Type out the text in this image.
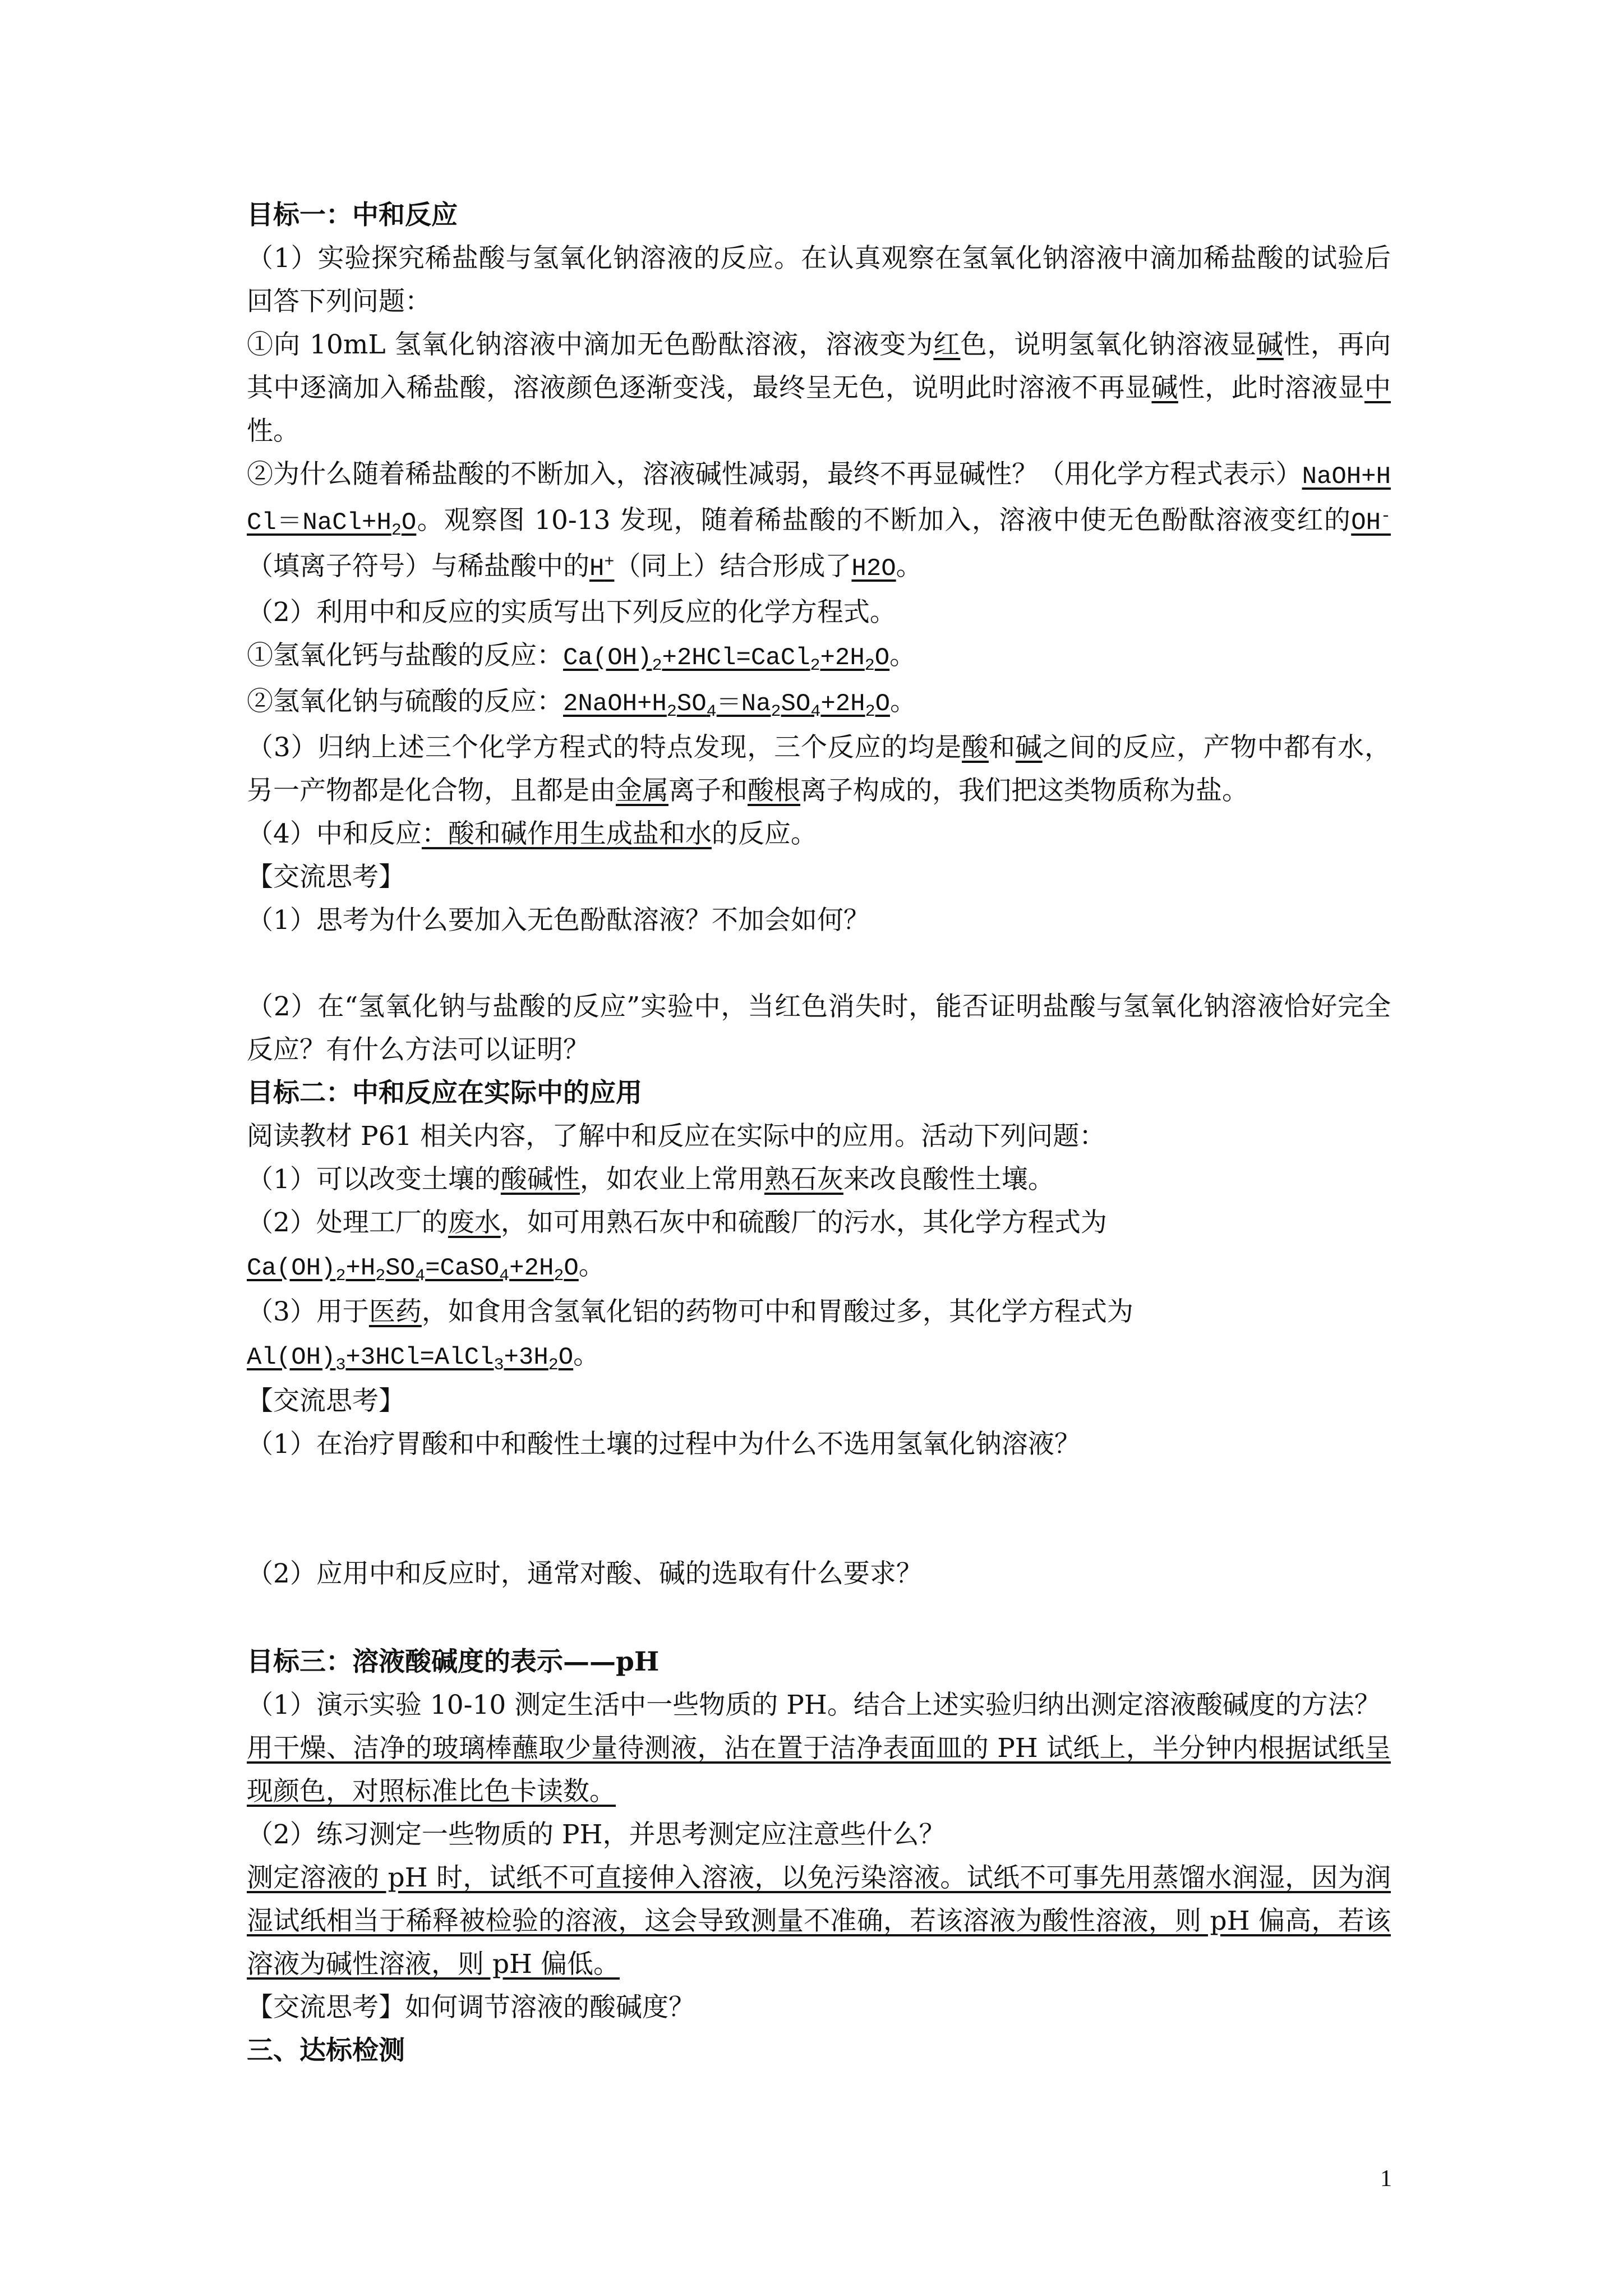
目标一：中和反应
（1）实验探究稀盐酸与氢氧化钠溶液的反应。在认真观察在氢氧化钠溶液中滴加稀盐酸的试验后回答下列问题：
①向 10mL 氢氧化钠溶液中滴加无色酚酞溶液，溶液变为红色，说明氢氧化钠溶液显碱性，再向其中逐滴加入稀盐酸，溶液颜色逐渐变浅，最终呈无色，说明此时溶液不再显碱性，此时溶液显中性。
②为什么随着稀盐酸的不断加入，溶液碱性减弱，最终不再显碱性？（用化学方程式表示）$NaOH+HCl=NaCl+H_2O$。观察图 10-13 发现，随着稀盐酸的不断加入，溶液中使无色酚酞溶液变红的OH-（填离子符号）与稀盐酸中的H+（同上）结合形成了H2O。
（2）利用中和反应的实质写出下列反应的化学方程式。
①氢氧化钙与盐酸的反应：$Ca(OH)_2+2HCl=CaCl_2+2H_2O$。
②氢氧化钠与硫酸的反应：$2NaOH+H_2SO_4=Na_2SO_4+2H_2O$。
（3）归纳上述三个化学方程式的特点发现，三个反应的均是酸和碱之间的反应，产物中都有水，另一产物都是化合物，且都是由金属离子和酸根离子构成的，我们把这类物质称为盐。
（4）中和反应：酸和碱作用生成盐和水的反应。
【交流思考】
（1）思考为什么要加入无色酚酞溶液？不加会如何？
（2）在“氢氧化钠与盐酸的反应”实验中，当红色消失时，能否证明盐酸与氢氧化钠溶液恰好完全反应？有什么方法可以证明？
目标二：中和反应在实际中的应用
阅读教材 P61 相关内容，了解中和反应在实际中的应用。活动下列问题：
（1）可以改变土壤的酸碱性，如农业上常用熟石灰来改良酸性土壤。
（2）处理工厂的废水，如可用熟石灰中和硫酸厂的污水，其化学方程式为
$Ca(OH)_2+H_2SO_4=CaSO_4+2H_2O$。
（3）用于医药，如食用含氢氧化铝的药物可中和胃酸过多，其化学方程式为
$Al(OH)_3+3HCl=AlCl_3+3H_2O$。
【交流思考】
（1）在治疗胃酸和中和酸性土壤的过程中为什么不选用氢氧化钠溶液？
（2）应用中和反应时，通常对酸、碱的选取有什么要求？
目标三：溶液酸碱度的表示——pH
（1）演示实验 10-10 测定生活中一些物质的 PH。结合上述实验归纳出测定溶液酸碱度的方法？
用干燥、洁净的玻璃棒蘸取少量待测液，沾在置于洁净表面皿的 PH 试纸上，半分钟内根据试纸呈现颜色，对照标准比色卡读数。
（2）练习测定一些物质的 PH，并思考测定应注意些什么？
测定溶液的 pH 时，试纸不可直接伸入溶液，以免污染溶液。试纸不可事先用蒸馏水润湿，因为润湿试纸相当于稀释被检验的溶液，这会导致测量不准确，若该溶液为酸性溶液，则 pH 偏高，若该溶液为碱性溶液，则 pH 偏低。
【交流思考】如何调节溶液的酸碱度？
三、达标检测
1
